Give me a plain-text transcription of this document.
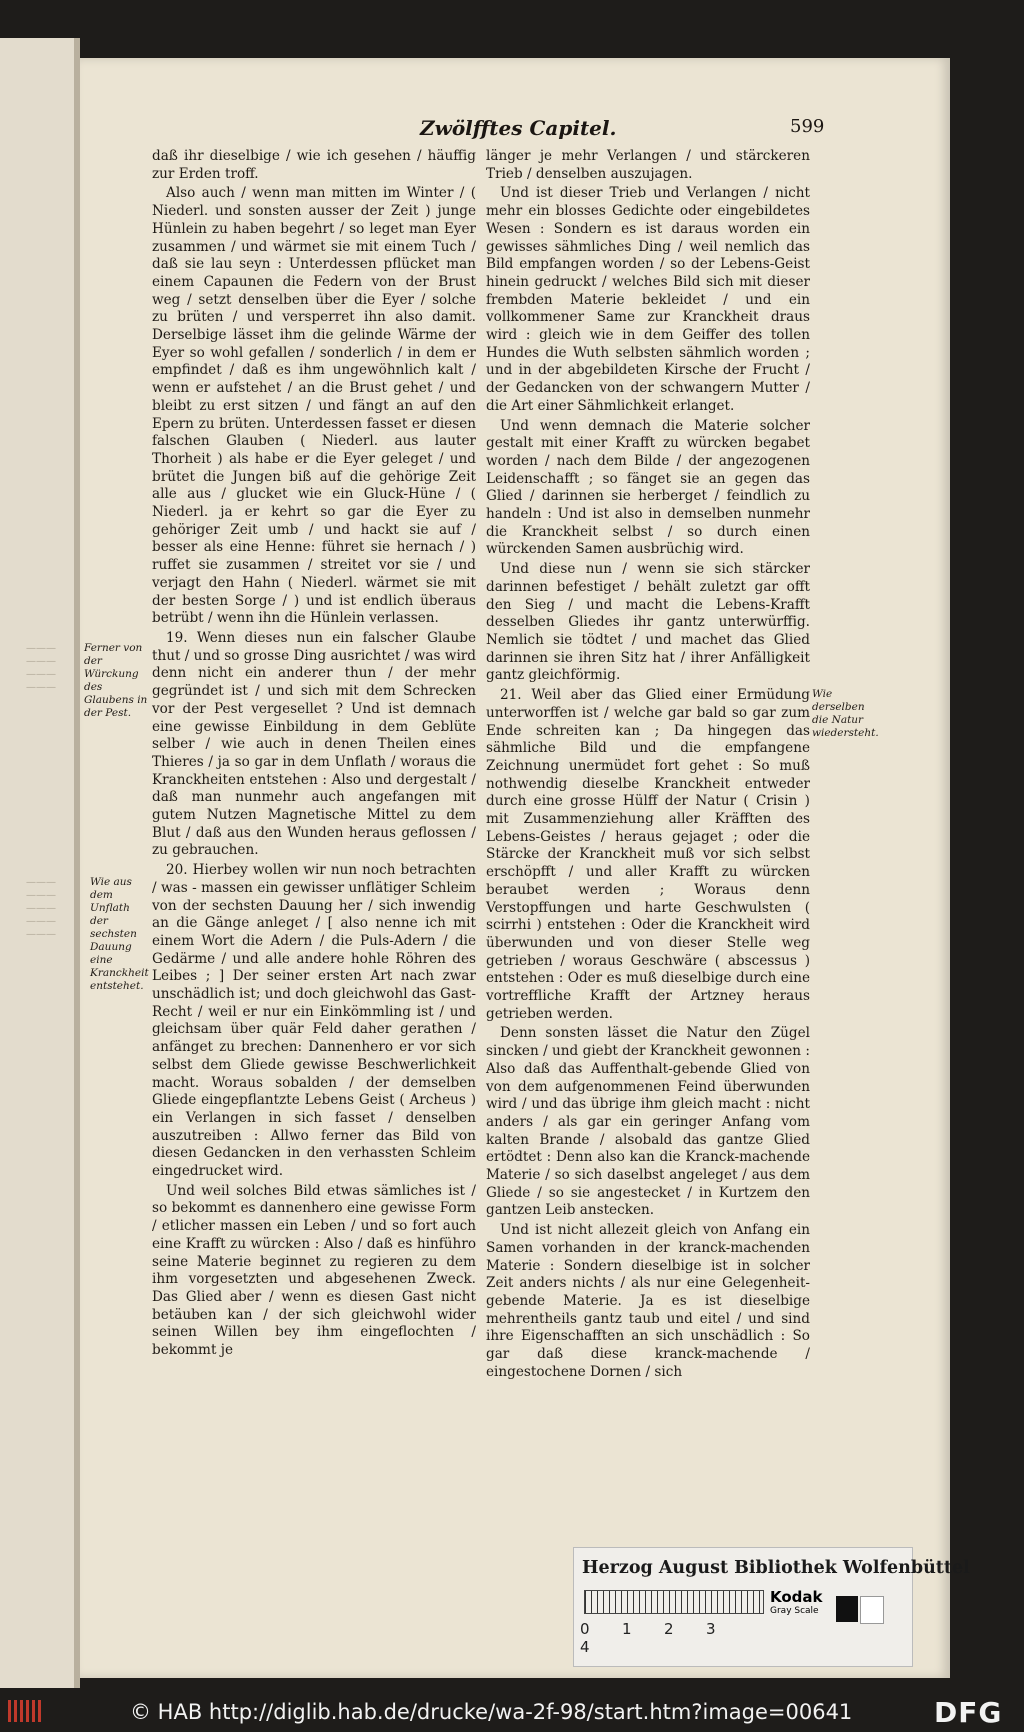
———
———
———
———
———
———
———
———
———
Zwölfftes Capitel.	599

daß ihr dieselbige / wie ich gesehen / häuffig zur Erden troff.

Also auch / wenn man mitten im Winter / ( Niederl. und sonsten ausser der Zeit ) junge Hünlein zu haben begehrt / so leget man Eyer zusammen / und wärmet sie mit einem Tuch / daß sie lau seyn : Unterdessen pflücket man einem Capaunen die Federn von der Brust weg / setzt denselben über die Eyer / solche zu brüten / und versperret ihn also damit. Derselbige lässet ihm die gelinde Wärme der Eyer so wohl gefallen / sonderlich / in dem er empfindet / daß es ihm ungewöhnlich kalt / wenn er aufstehet / an die Brust gehet / und bleibt zu erst sitzen / und fängt an auf den Epern zu brüten. Unterdessen fasset er diesen falschen Glauben ( Niederl. aus lauter Thorheit ) als habe er die Eyer geleget / und brütet die Jungen biß auf die gehörige Zeit alle aus / glucket wie ein Gluck-Hüne / ( Niederl. ja er kehrt so gar die Eyer zu gehöriger Zeit umb / und hackt sie auf / besser als eine Henne: führet sie hernach / ) ruffet sie zusammen / streitet vor sie / und verjagt den Hahn ( Niederl. wärmet sie mit der besten Sorge / ) und ist endlich überaus betrübt / wenn ihn die Hünlein verlassen.

19. Wenn dieses nun ein falscher Glaube thut / und so grosse Ding ausrichtet / was wird denn nicht ein anderer thun / der mehr gegründet ist / und sich mit dem Schrecken vor der Pest vergesellet ? Und ist demnach eine gewisse Einbildung in dem Geblüte selber / wie auch in denen Theilen eines Thieres / ja so gar in dem Unflath / woraus die Kranckheiten entstehen : Also und dergestalt / daß man nunmehr auch angefangen mit gutem Nutzen Magnetische Mittel zu dem Blut / daß aus den Wunden heraus geflossen / zu gebrauchen.

20. Hierbey wollen wir nun noch betrachten / was - massen ein gewisser unflätiger Schleim von der sechsten Dauung her / sich inwendig an die Gänge anleget / [ also nenne ich mit einem Wort die Adern / die Puls-Adern / die Gedärme / und alle andere hohle Röhren des Leibes ; ] Der seiner ersten Art nach zwar unschädlich ist; und doch gleichwohl das Gast-Recht / weil er nur ein Einkömmling ist / und gleichsam über quär Feld daher gerathen / anfänget zu brechen: Dannenhero er vor sich selbst dem Gliede gewisse Beschwerlichkeit macht. Woraus sobalden / der demselben Gliede eingepflantzte Lebens Geist ( Archeus ) ein Verlangen in sich fasset / denselben auszutreiben : Allwo ferner das Bild von diesen Gedancken in den verhassten Schleim eingedrucket wird.

Und weil solches Bild etwas sämliches ist / so bekommt es dannenhero eine gewisse Form / etlicher massen ein Leben / und so fort auch eine Krafft zu würcken : Also / daß es hinführo seine Materie beginnet zu regieren zu dem ihm vorgesetzten und abgesehenen Zweck. Das Glied aber / wenn es diesen Gast nicht betäuben kan / der sich gleichwohl wider seinen Willen bey ihm eingeflochten / bekommt je

länger je mehr Verlangen / und stärckeren Trieb / denselben auszujagen.

Und ist dieser Trieb und Verlangen / nicht mehr ein blosses Gedichte oder eingebildetes Wesen : Sondern es ist daraus worden ein gewisses sähmliches Ding / weil nemlich das Bild empfangen worden / so der Lebens-Geist hinein gedruckt / welches Bild sich mit dieser frembden Materie bekleidet / und ein vollkommener Same zur Kranckheit draus wird : gleich wie in dem Geiffer des tollen Hundes die Wuth selbsten sähmlich worden ; und in der abgebildeten Kirsche der Frucht / der Gedancken von der schwangern Mutter / die Art einer Sähmlichkeit erlanget.

Und wenn demnach die Materie solcher gestalt mit einer Krafft zu würcken begabet worden / nach dem Bilde / der angezogenen Leidenschafft ; so fänget sie an gegen das Glied / darinnen sie herberget / feindlich zu handeln : Und ist also in demselben nunmehr die Kranckheit selbst / so durch einen würckenden Samen ausbrüchig wird.

Und diese nun / wenn sie sich stärcker darinnen befestiget / behält zuletzt gar offt den Sieg / und macht die Lebens-Krafft desselben Gliedes ihr gantz unterwürffig. Nemlich sie tödtet / und machet das Glied darinnen sie ihren Sitz hat / ihrer Anfälligkeit gantz gleichförmig.

21. Weil aber das Glied einer Ermüdung unterworffen ist / welche gar bald so gar zum Ende schreiten kan ; Da hingegen das sähmliche Bild und die empfangene Zeichnung unermüdet fort gehet : So muß nothwendig dieselbe Kranckheit entweder durch eine grosse Hülff der Natur ( Crisin ) mit Zusammenziehung aller Kräfften des Lebens-Geistes / heraus gejaget ; oder die Stärcke der Kranckheit muß vor sich selbst erschöpfft / und aller Krafft zu würcken beraubet werden ; Woraus denn Verstopffungen und harte Geschwulsten ( scirrhi ) entstehen : Oder die Kranckheit wird überwunden und von dieser Stelle weg getrieben / woraus Geschwäre ( abscessus ) entstehen : Oder es muß dieselbige durch eine vortreffliche Krafft der Artzney heraus getrieben werden.

Denn sonsten lässet die Natur den Zügel sincken / und giebt der Kranckheit gewonnen : Also daß das Auffenthalt-gebende Glied von von dem aufgenommenen Feind überwunden wird / und das übrige ihm gleich macht : nicht anders / als gar ein geringer Anfang vom kalten Brande / alsobald das gantze Glied ertödtet : Denn also kan die Kranck-machende Materie / so sich daselbst angeleget / aus dem Gliede / so sie angestecket / in Kurtzem den gantzen Leib anstecken.

Und ist nicht allezeit gleich von Anfang ein Samen vorhanden in der kranck-machenden Materie : Sondern dieselbige ist in solcher Zeit anders nichts / als nur eine Gelegenheit-gebende Materie. Ja es ist dieselbige mehrentheils gantz taub und eitel / und sind ihre Eigenschafften an sich unschädlich : So gar daß diese kranck-machende / eingestochene Dornen / sich

Ferner von der Würckung des Glaubens in der Pest.
Wie aus dem Unflath der sechsten Dauung eine Kranckheit entstehet.
Wie derselben die Natur wiedersteht.
Herzog August Bibliothek Wolfenbüttel
0 1 2 34
Kodak
Gray Scale
© HAB http://diglib.hab.de/drucke/wa-2f-98/start.htm?image=00641	DFG
